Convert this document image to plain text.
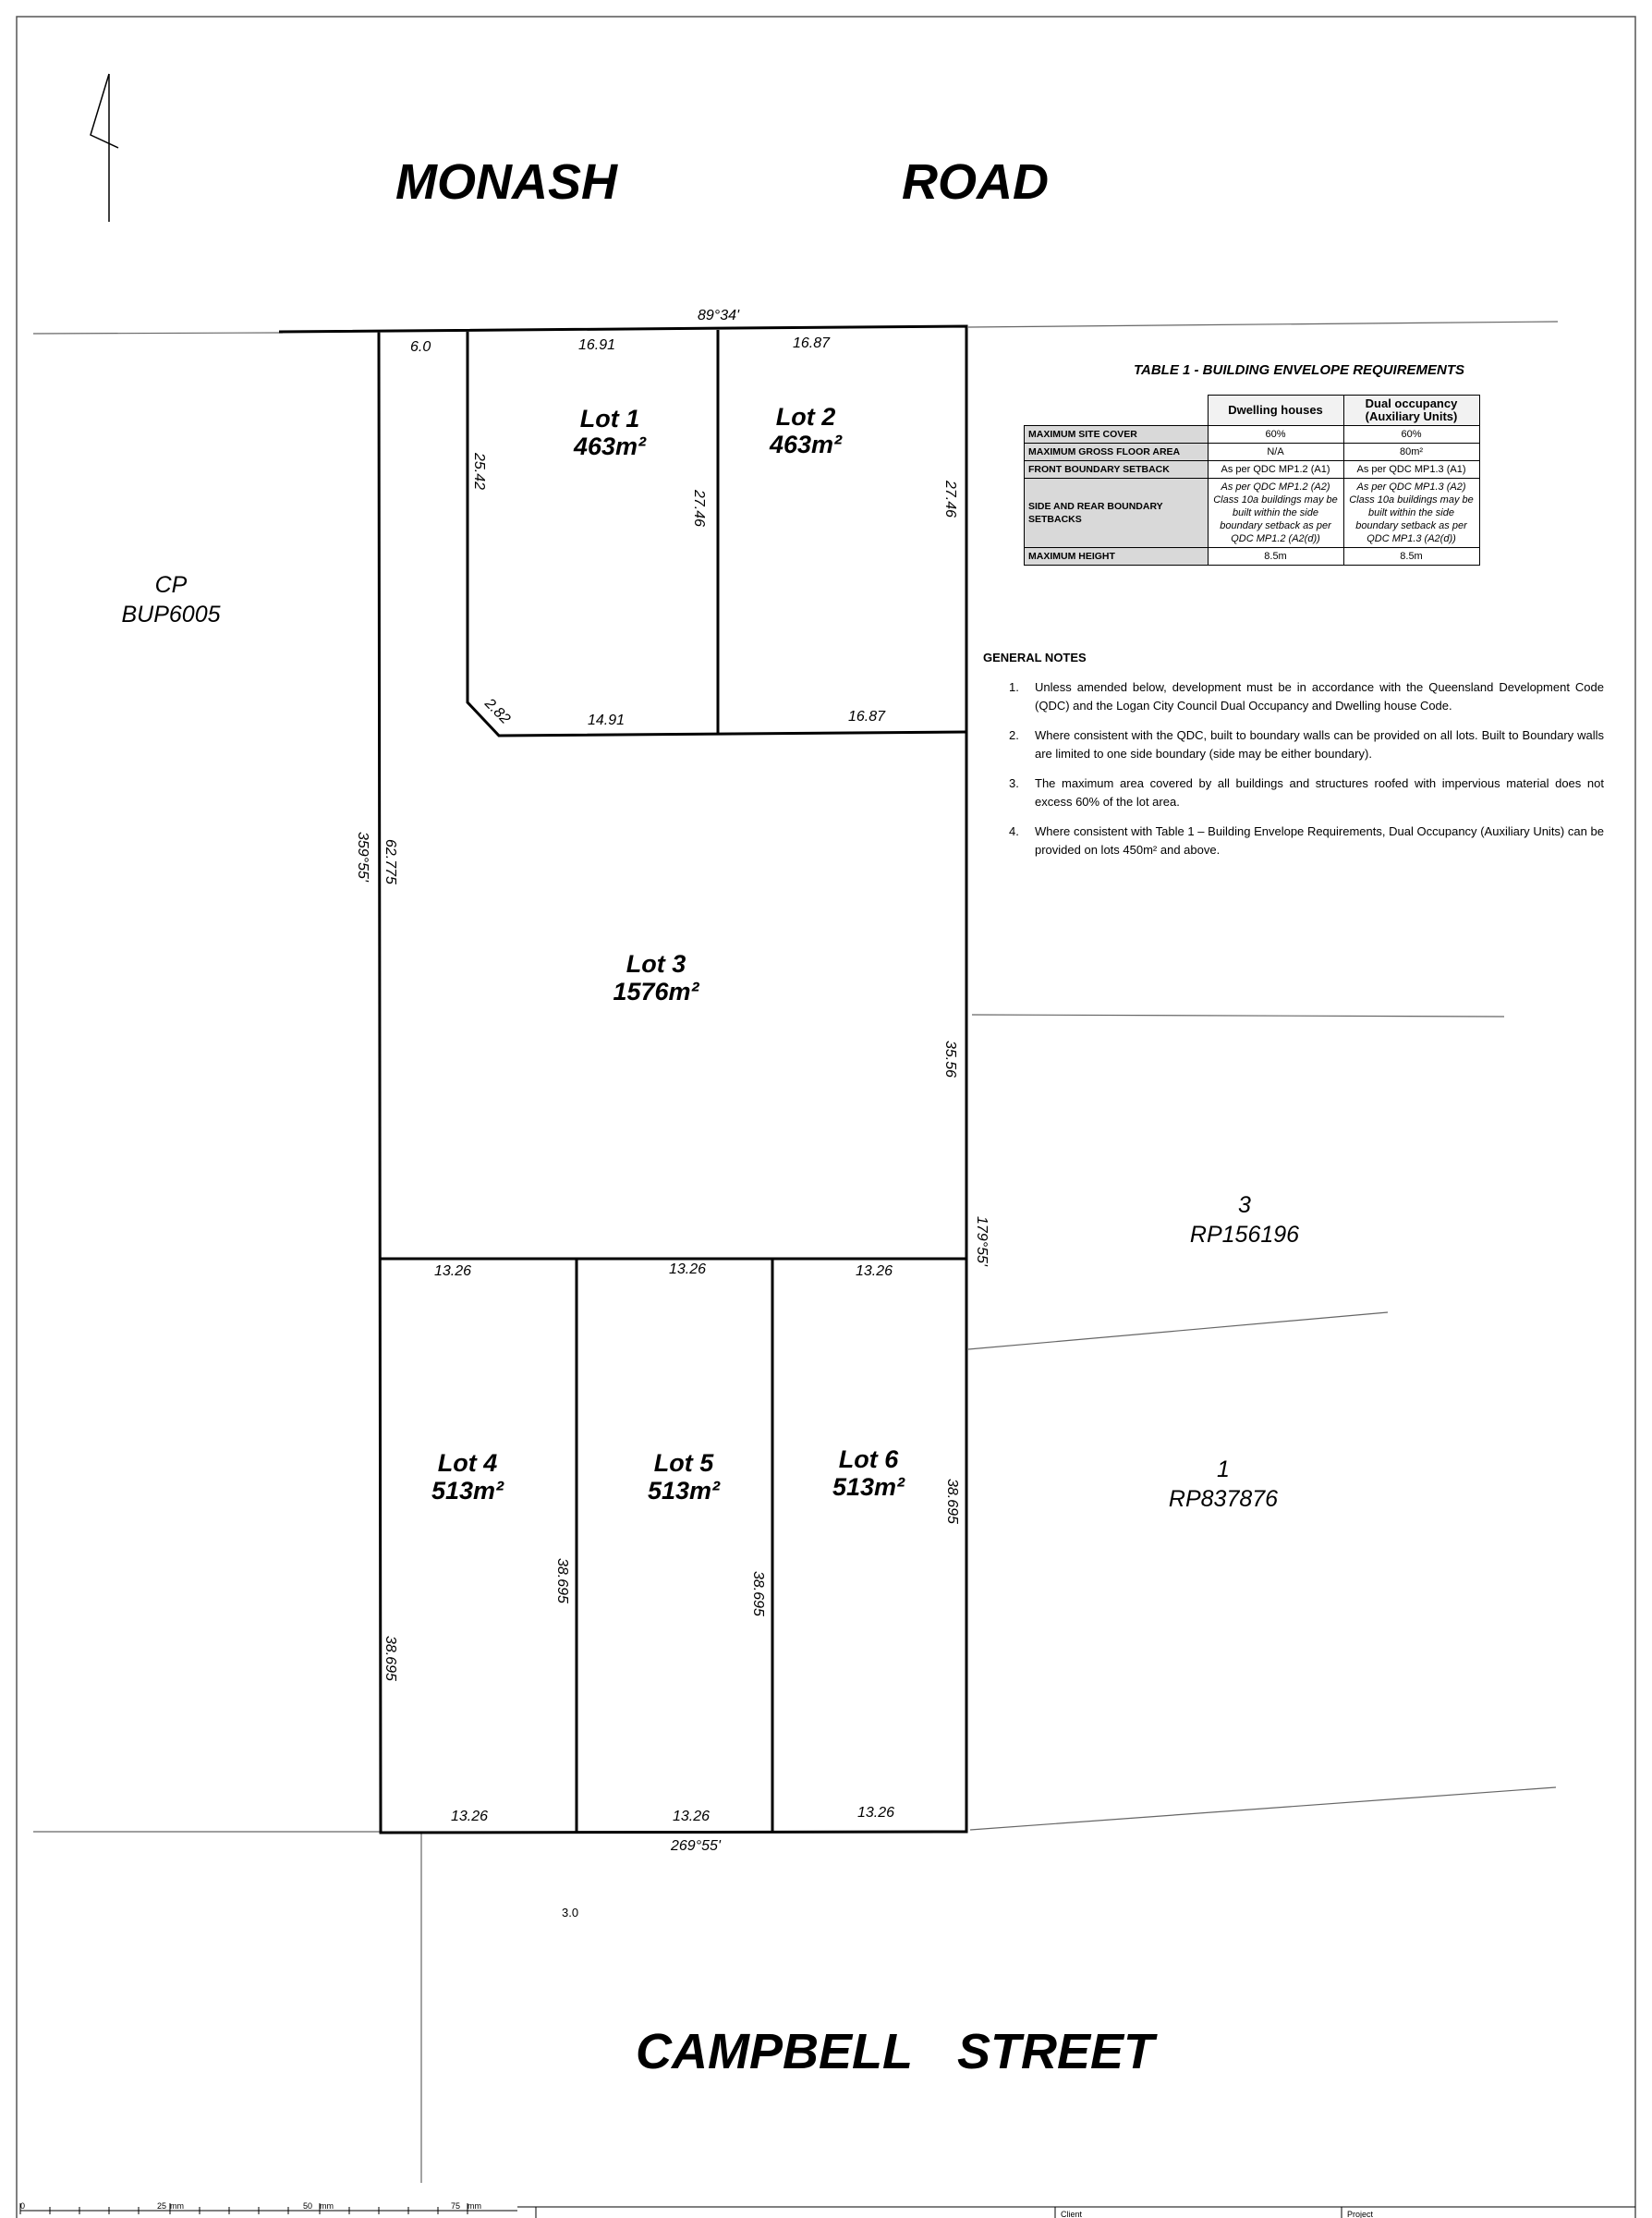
MONASH	ROAD
CAMPBELL STREET
CP
BUP6005
3
RP156196
1
RP837876
Lot 1
463m²
Lot 2
463m²
Lot 3
1576m²
Lot 4
513m²
Lot 5
513m²
Lot 6
513m²
89°34'
6.0	16.91	16.87
14.91	16.87
13.26	13.26	13.26
13.26	13.26	13.26
269°55'
3.0
25.42
27.46	27.46
2.82
359°55' 62.775
35.56
179°55'
38.695
38.695	38.695
38.695
0	25 mm	50 mm	75 mm
Client	Project
TABLE 1 - BUILDING ENVELOPE REQUIREMENTS
	Dwelling houses	Dual occupancy (Auxiliary Units)
MAXIMUM SITE COVER	60%	60%
MAXIMUM GROSS FLOOR AREA	N/A	80m²
FRONT BOUNDARY SETBACK	As per QDC MP1.2 (A1)	As per QDC MP1.3 (A1)
SIDE AND REAR BOUNDARY SETBACKS	As per QDC MP1.2 (A2) Class 10a buildings may be built within the side boundary setback as per QDC MP1.2 (A2(d))	As per QDC MP1.3 (A2) Class 10a buildings may be built within the side boundary setback as per QDC MP1.3 (A2(d))
MAXIMUM HEIGHT	8.5m	8.5m
GENERAL NOTES
1. Unless amended below, development must be in accordance with the Queensland Development Code (QDC) and the Logan City Council Dual Occupancy and Dwelling house Code.
2. Where consistent with the QDC, built to boundary walls can be provided on all lots. Built to Boundary walls are limited to one side boundary (side may be either boundary).
3. The maximum area covered by all buildings and structures roofed with impervious material does not excess 60% of the lot area.
4. Where consistent with Table 1 – Building Envelope Requirements, Dual Occupancy (Auxiliary Units) can be provided on lots 450m² and above.
